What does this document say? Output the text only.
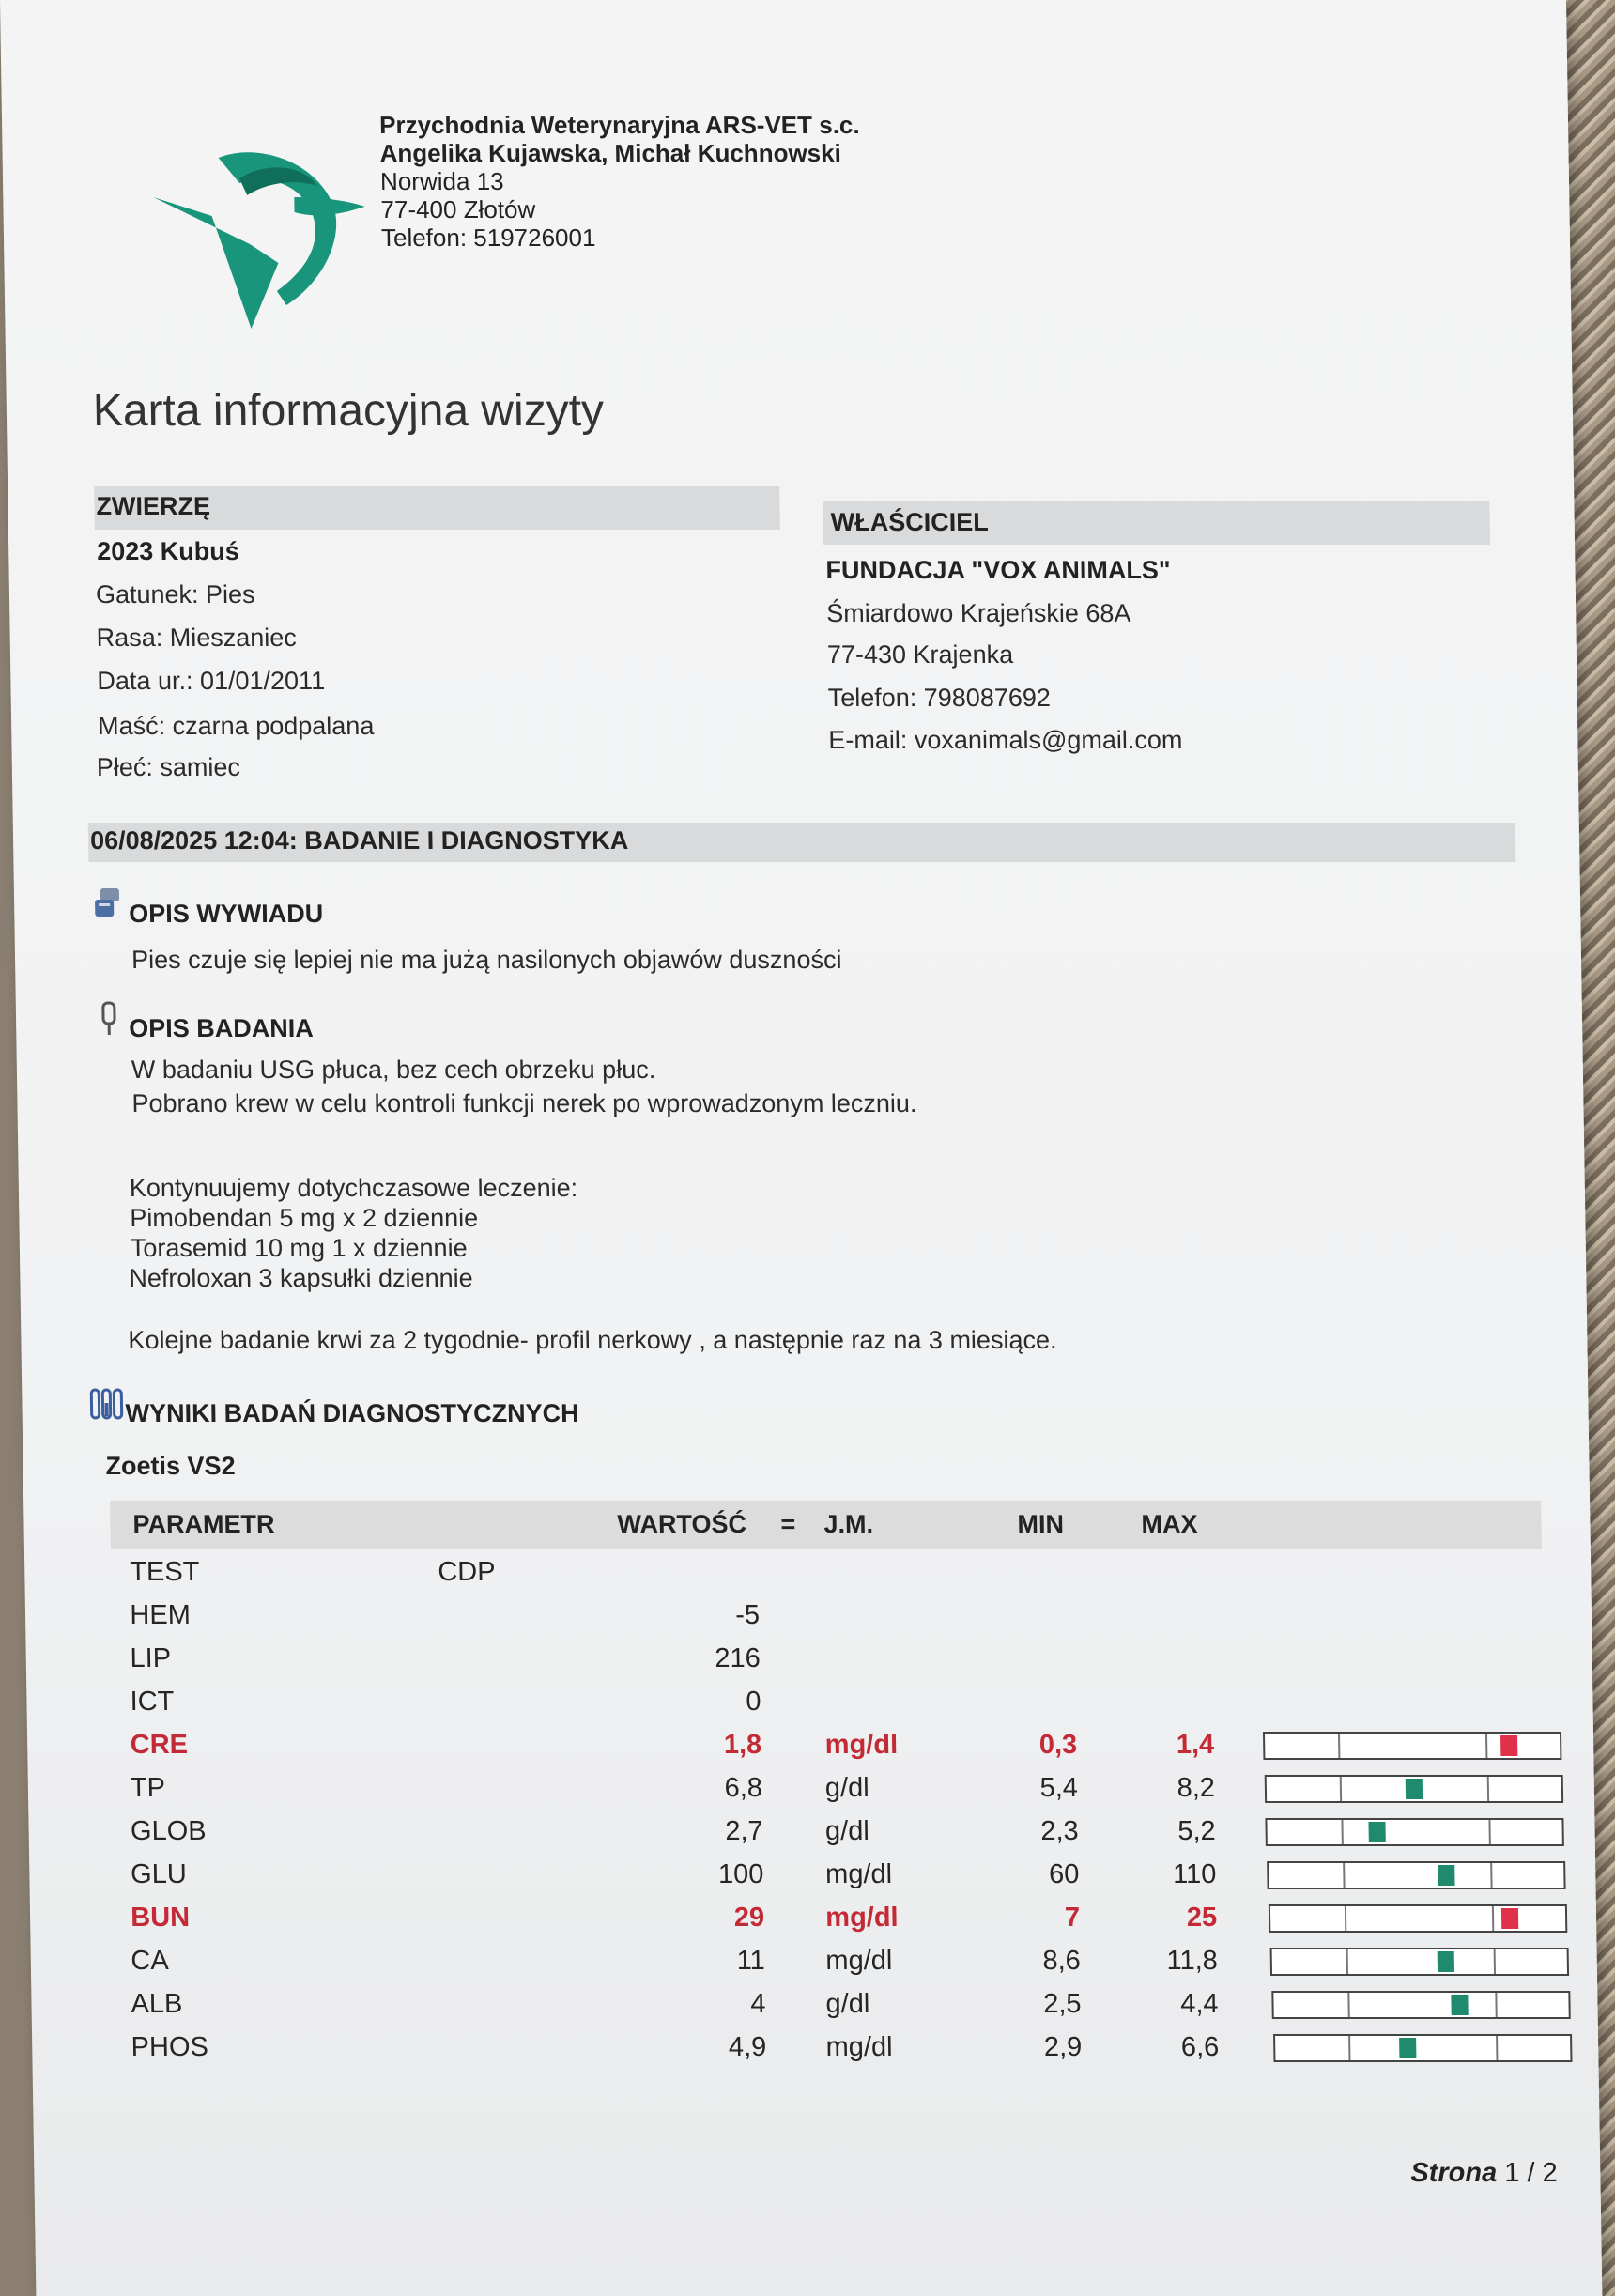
Przychodnia Weterynaryjna ARS-VET s.c.
Angelika Kujawska, Michał Kuchnowski
Norwida 13
77-400 Złotów
Telefon: 519726001
Karta informacyjna wizyty
ZWIERZĘ
2023 Kubuś
Gatunek: Pies
Rasa: Mieszaniec
Data ur.: 01/01/2011
Maść: czarna podpalana
Płeć: samiec
WŁAŚCICIEL
FUNDACJA "VOX ANIMALS"
Śmiardowo Krajeńskie 68A
77-430 Krajenka
Telefon: 798087692
E-mail: voxanimals@gmail.com
06/08/2025 12:04: BADANIE I DIAGNOSTYKA
OPIS WYWIADU
Pies czuje się lepiej nie ma jużą nasilonych objawów duszności
OPIS BADANIA
W badaniu USG płuca, bez cech obrzeku płuc.
Pobrano krew w celu kontroli funkcji nerek po wprowadzonym leczniu.
Kontynuujemy dotychczasowe leczenie:
Pimobendan 5 mg x 2 dziennie
Torasemid 10 mg 1 x dziennie
Nefroloxan 3 kapsułki dziennie
Kolejne badanie krwi za 2 tygodnie- profil nerkowy , a następnie raz na 3 miesiące.
WYNIKI BADAŃ DIAGNOSTYCZNYCH
Zoetis VS2
PARAMETR	WARTOŚĆ = J.M.	MIN	MAX
TEST	CDP
HEM	-5
LIP	216
ICT	0
CRE	1,8 mg/dl	0,3	1,4
TP	6,8 g/dl	5,4	8,2
GLOB	2,7 g/dl	2,3	5,2
GLU	100 mg/dl	60	110
BUN	29 mg/dl	7	25
CA	11 mg/dl	8,6	11,8
ALB	4 g/dl	2,5	4,4
PHOS	4,9 mg/dl	2,9	6,6
Strona 1 / 2
